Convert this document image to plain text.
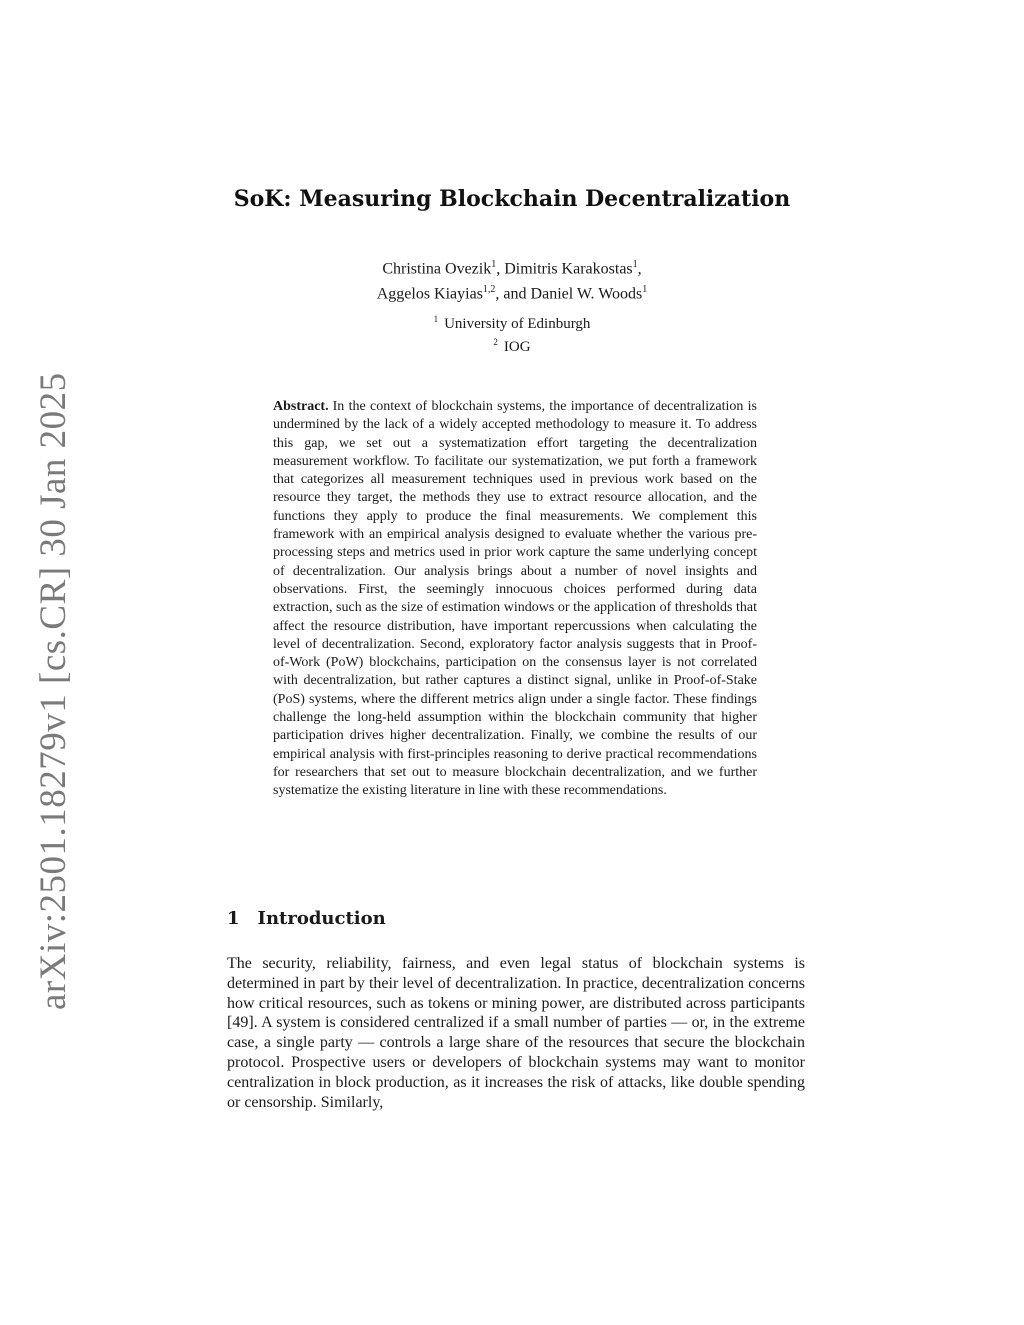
arXiv:2501.18279v1 [cs.CR] 30 Jan 2025
SoK: Measuring Blockchain Decentralization
Christina Ovezik$^1$, Dimitris Karakostas$^1$,
Aggelos Kiayias$^{1,2}$, and Daniel W. Woods$^1$
$^1$ University of Edinburgh
$^2$ IOG
Abstract. In the context of blockchain systems, the importance of decentralization is undermined by the lack of a widely accepted methodology to measure it. To address this gap, we set out a systematization effort targeting the decentralization measurement workflow. To facilitate our systematization, we put forth a framework that categorizes all measurement techniques used in previous work based on the resource they target, the methods they use to extract resource allocation, and the functions they apply to produce the final measurements. We complement this framework with an empirical analysis designed to evaluate whether the various pre-processing steps and metrics used in prior work capture the same underlying concept of decentralization. Our analysis brings about a number of novel insights and observations. First, the seemingly innocuous choices performed during data extraction, such as the size of estimation windows or the application of thresholds that affect the resource distribution, have important repercussions when calculating the level of decentralization. Second, exploratory factor analysis suggests that in Proof-of-Work (PoW) blockchains, participation on the consensus layer is not correlated with decentralization, but rather captures a distinct signal, unlike in Proof-of-Stake (PoS) systems, where the different metrics align under a single factor. These findings challenge the long-held assumption within the blockchain community that higher participation drives higher decentralization. Finally, we combine the results of our empirical analysis with first-principles reasoning to derive practical recommendations for researchers that set out to measure blockchain decentralization, and we further systematize the existing literature in line with these recommendations.
1 Introduction
The security, reliability, fairness, and even legal status of blockchain systems is determined in part by their level of decentralization. In practice, decentralization concerns how critical resources, such as tokens or mining power, are distributed across participants [49]. A system is considered centralized if a small number of parties — or, in the extreme case, a single party — controls a large share of the resources that secure the blockchain protocol. Prospective users or developers of blockchain systems may want to monitor centralization in block production, as it increases the risk of attacks, like double spending or censorship. Similarly,
